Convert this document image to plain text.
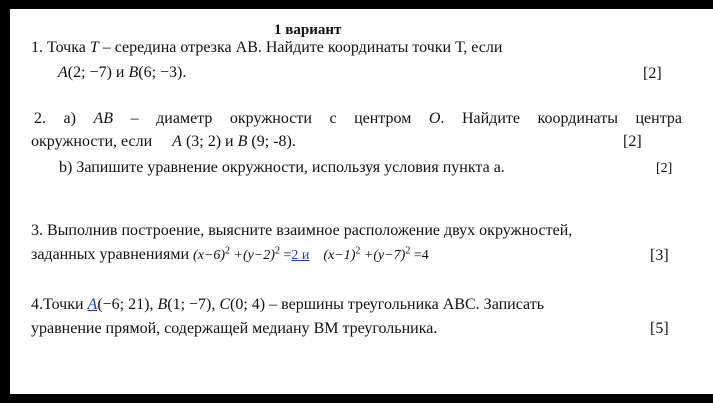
1 вариант
1. Точка T – середина отрезка АВ. Найдите координаты точки Т, если
A(2; −7) и B(6; −3).	[2]
2. a) AB – диаметр окружности с центром O. Найдите координаты центра
окружности, если     A (3; 2) и B (9; -8).	[2]
b) Запишите уравнение окружности, используя условия пункта a.	[2]
3. Выполнив построение, выясните взаимное расположение двух окружностей,
заданных уравнениями $(x-6)^2 +(y-2)^2 =2$ и $(x-1)^2 +(y-7)^2 =4$	[3]
4.Точки A(−6; 21), B(1; −7), C(0; 4) – вершины треугольника АВС. Записать
уравнение прямой, содержащей медиану ВМ треугольника.	[5]
┴
